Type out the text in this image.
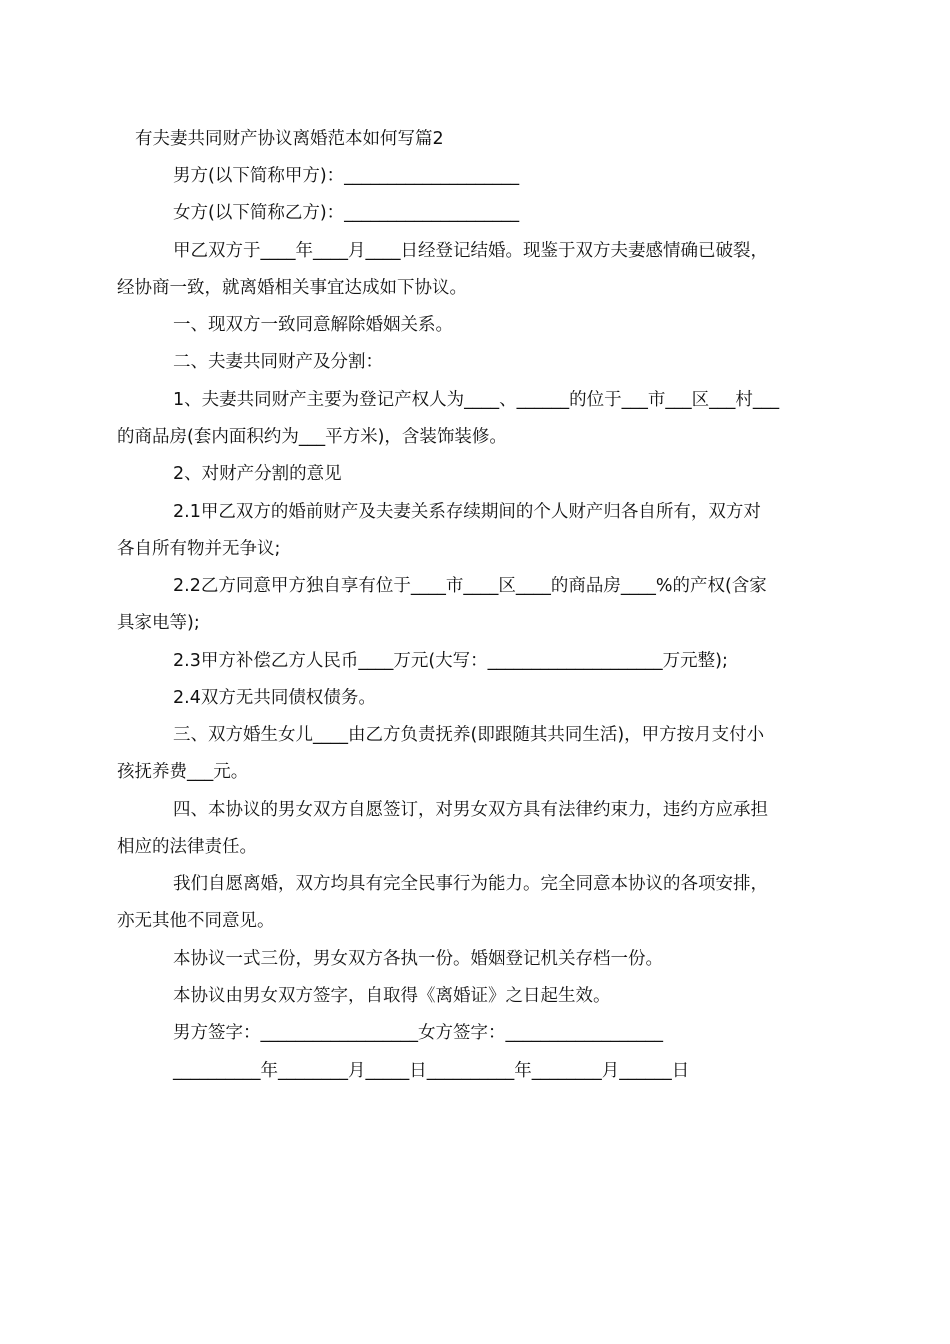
有夫妻共同财产协议离婚范本如何写篇2
男方(以下简称甲方)：____________________
女方(以下简称乙方)：____________________
甲乙双方于____年____月____日经登记结婚。现鉴于双方夫妻感情确已破裂，
经协商一致，就离婚相关事宜达成如下协议。
一、现双方一致同意解除婚姻关系。
二、夫妻共同财产及分割：
1、夫妻共同财产主要为登记产权人为____、______的位于___市___区___村___
的商品房(套内面积约为___平方米)，含装饰装修。
2、对财产分割的意见
2.1甲乙双方的婚前财产及夫妻关系存续期间的个人财产归各自所有，双方对
各自所有物并无争议;
2.2乙方同意甲方独自享有位于____市____区____的商品房____%的产权(含家
具家电等);
2.3甲方补偿乙方人民币____万元(大写：____________________万元整);
2.4双方无共同债权债务。
三、双方婚生女儿____由乙方负责抚养(即跟随其共同生活)，甲方按月支付小
孩抚养费___元。
四、本协议的男女双方自愿签订，对男女双方具有法律约束力，违约方应承担
相应的法律责任。
我们自愿离婚，双方均具有完全民事行为能力。完全同意本协议的各项安排，
亦无其他不同意见。
本协议一式三份，男女双方各执一份。婚姻登记机关存档一份。
本协议由男女双方签字，自取得《离婚证》之日起生效。
男方签字：__________________女方签字：__________________
__________年________月_____日__________年________月______日
